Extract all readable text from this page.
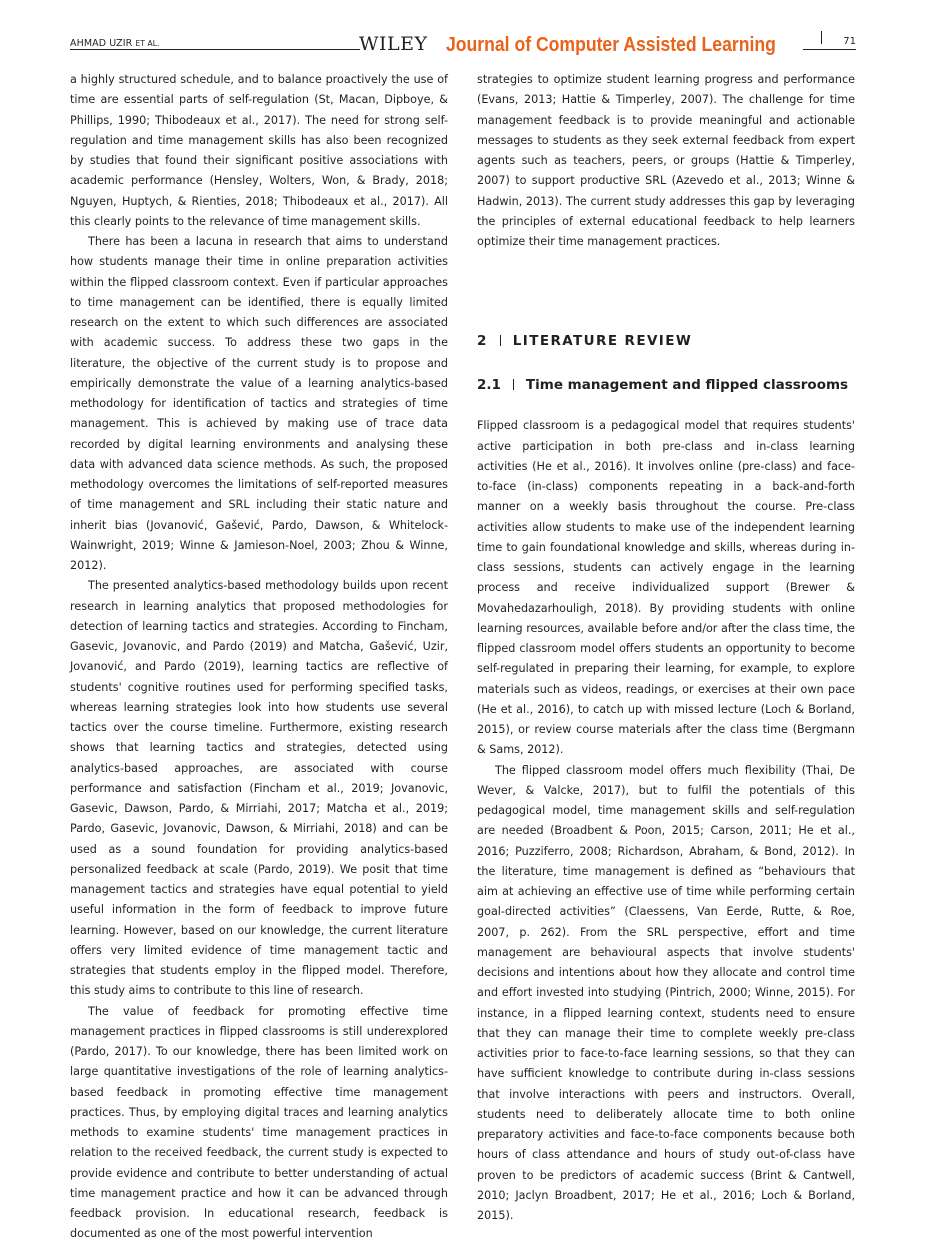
AHMAD UZIR ET AL.	WILEY Journal of Computer Assisted Learning	71

a highly structured schedule, and to balance proactively the use of time are essential parts of self-regulation (St, Macan, Dipboye, & Phillips, 1990; Thibodeaux et al., 2017). The need for strong self-regulation and time management skills has also been recognized by studies that found their significant positive associations with academic performance (Hensley, Wolters, Won, & Brady, 2018; Nguyen, Huptych, & Rienties, 2018; Thibodeaux et al., 2017). All this clearly points to the relevance of time management skills.

There has been a lacuna in research that aims to understand how students manage their time in online preparation activities within the flipped classroom context. Even if particular approaches to time management can be identified, there is equally limited research on the extent to which such differences are associated with academic success. To address these two gaps in the literature, the objective of the current study is to propose and empirically demonstrate the value of a learning analytics-based methodology for identification of tactics and strategies of time management. This is achieved by making use of trace data recorded by digital learning environments and analysing these data with advanced data science methods. As such, the proposed methodology overcomes the limitations of self-reported measures of time management and SRL including their static nature and inherit bias (Jovanović, Gašević, Pardo, Dawson, & Whitelock-Wainwright, 2019; Winne & Jamieson-Noel, 2003; Zhou & Winne, 2012).

The presented analytics-based methodology builds upon recent research in learning analytics that proposed methodologies for detection of learning tactics and strategies. According to Fincham, Gasevic, Jovanovic, and Pardo (2019) and Matcha, Gašević, Uzir, Jovanović, and Pardo (2019), learning tactics are reflective of students' cognitive routines used for performing specified tasks, whereas learning strategies look into how students use several tactics over the course timeline. Furthermore, existing research shows that learning tactics and strategies, detected using analytics-based approaches, are associated with course performance and satisfaction (Fincham et al., 2019; Jovanovic, Gasevic, Dawson, Pardo, & Mirriahi, 2017; Matcha et al., 2019; Pardo, Gasevic, Jovanovic, Dawson, & Mirriahi, 2018) and can be used as a sound foundation for providing analytics-based personalized feedback at scale (Pardo, 2019). We posit that time management tactics and strategies have equal potential to yield useful information in the form of feedback to improve future learning. However, based on our knowledge, the current literature offers very limited evidence of time management tactic and strategies that students employ in the flipped model. Therefore, this study aims to contribute to this line of research.

The value of feedback for promoting effective time management practices in flipped classrooms is still underexplored (Pardo, 2017). To our knowledge, there has been limited work on large quantitative investigations of the role of learning analytics-based feedback in promoting effective time management practices. Thus, by employing digital traces and learning analytics methods to examine students' time management practices in relation to the received feedback, the current study is expected to provide evidence and contribute to better understanding of actual time management practice and how it can be advanced through feedback provision. In educational research, feedback is documented as one of the most powerful intervention

strategies to optimize student learning progress and performance (Evans, 2013; Hattie & Timperley, 2007). The challenge for time management feedback is to provide meaningful and actionable messages to students as they seek external feedback from expert agents such as teachers, peers, or groups (Hattie & Timperley, 2007) to support productive SRL (Azevedo et al., 2013; Winne & Hadwin, 2013). The current study addresses this gap by leveraging the principles of external educational feedback to help learners optimize their time management practices.

2 LITERATURE REVIEW
2.1 Time management and flipped classrooms

Flipped classroom is a pedagogical model that requires students' active participation in both pre-class and in-class learning activities (He et al., 2016). It involves online (pre-class) and face-to-face (in-class) components repeating in a back-and-forth manner on a weekly basis throughout the course. Pre-class activities allow students to make use of the independent learning time to gain foundational knowledge and skills, whereas during in-class sessions, students can actively engage in the learning process and receive individualized support (Brewer & Movahedazarhouligh, 2018). By providing students with online learning resources, available before and/or after the class time, the flipped classroom model offers students an opportunity to become self-regulated in preparing their learning, for example, to explore materials such as videos, readings, or exercises at their own pace (He et al., 2016), to catch up with missed lecture (Loch & Borland, 2015), or review course materials after the class time (Bergmann & Sams, 2012).

The flipped classroom model offers much flexibility (Thai, De Wever, & Valcke, 2017), but to fulfil the potentials of this pedagogical model, time management skills and self-regulation are needed (Broadbent & Poon, 2015; Carson, 2011; He et al., 2016; Puzziferro, 2008; Richardson, Abraham, & Bond, 2012). In the literature, time management is defined as “behaviours that aim at achieving an effective use of time while performing certain goal-directed activities” (Claessens, Van Eerde, Rutte, & Roe, 2007, p. 262). From the SRL perspective, effort and time management are behavioural aspects that involve students' decisions and intentions about how they allocate and control time and effort invested into studying (Pintrich, 2000; Winne, 2015). For instance, in a flipped learning context, students need to ensure that they can manage their time to complete weekly pre-class activities prior to face-to-face learning sessions, so that they can have sufficient knowledge to contribute during in-class sessions that involve interactions with peers and instructors. Overall, students need to deliberately allocate time to both online preparatory activities and face-to-face components because both hours of class attendance and hours of study out-of-class have proven to be predictors of academic success (Brint & Cantwell, 2010; Jaclyn Broadbent, 2017; He et al., 2016; Loch & Borland, 2015).
